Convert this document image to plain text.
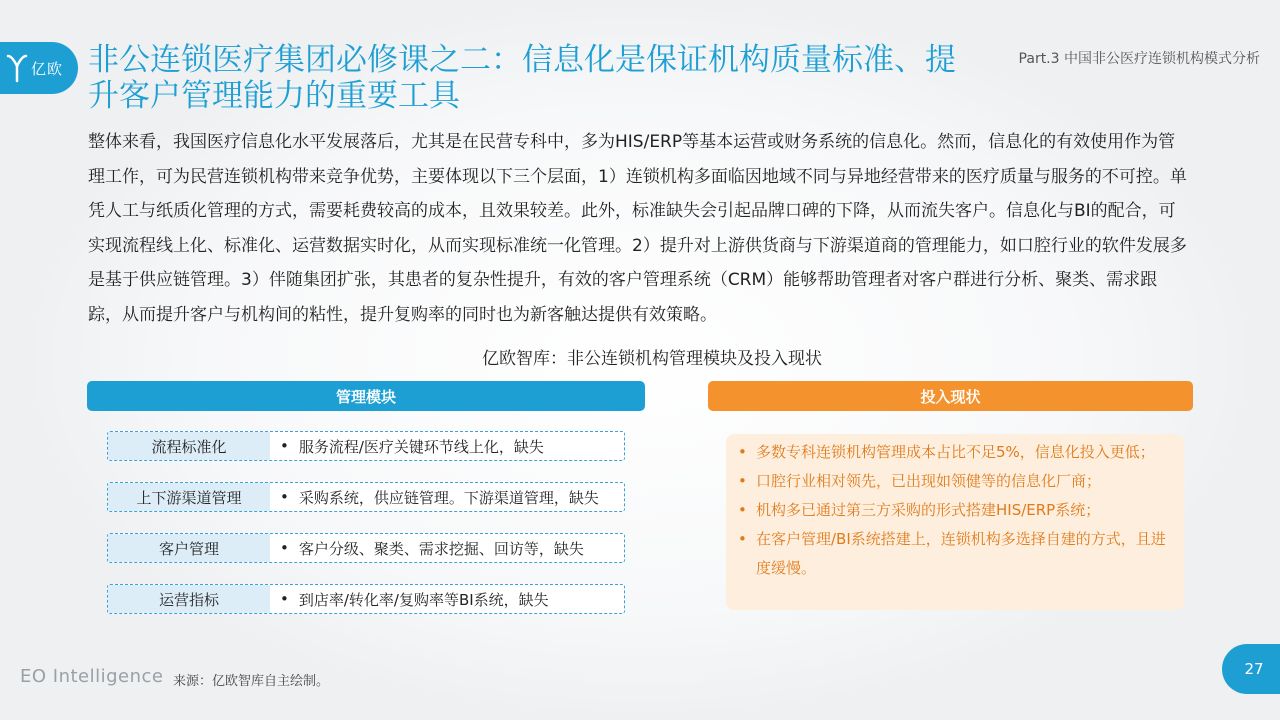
亿欧 非公连锁医疗集团必修课之二：信息化是保证机构质量标准、提升客户管理能力的重要工具
Part.3 中国非公医疗连锁机构模式分析

整体来看，我国医疗信息化水平发展落后，尤其是在民营专科中，多为HIS/ERP等基本运营或财务系统的信息化。然而，信息化的有效使用作为管理工作，可为民营连锁机构带来竞争优势，主要体现以下三个层面，1）连锁机构多面临因地域不同与异地经营带来的医疗质量与服务的不可控。单凭人工与纸质化管理的方式，需要耗费较高的成本，且效果较差。此外，标准缺失会引起品牌口碑的下降，从而流失客户。信息化与BI的配合，可实现流程线上化、标准化、运营数据实时化，从而实现标准统一化管理。2）提升对上游供货商与下游渠道商的管理能力，如口腔行业的软件发展多是基于供应链管理。3）伴随集团扩张，其患者的复杂性提升，有效的客户管理系统（CRM）能够帮助管理者对客户群进行分析、聚类、需求跟踪，从而提升客户与机构间的粘性，提升复购率的同时也为新客触达提供有效策略。

亿欧智库：非公连锁机构管理模块及投入现状
管理模块	投入现状
流程标准化	• 服务流程/医疗关键环节线上化，缺失
上下游渠道管理	• 采购系统，供应链管理。下游渠道管理，缺失
客户管理	• 客户分级、聚类、需求挖掘、回访等，缺失
运营指标	• 到店率/转化率/复购率等BI系统，缺失
• 多数专科连锁机构管理成本占比不足5%，信息化投入更低；
• 口腔行业相对领先，已出现如领健等的信息化厂商；
• 机构多已通过第三方采购的形式搭建HIS/ERP系统；
• 在客户管理/BI系统搭建上，连锁机构多选择自建的方式，且进度缓慢。
EO Intelligence 来源：亿欧智库自主绘制。
27
